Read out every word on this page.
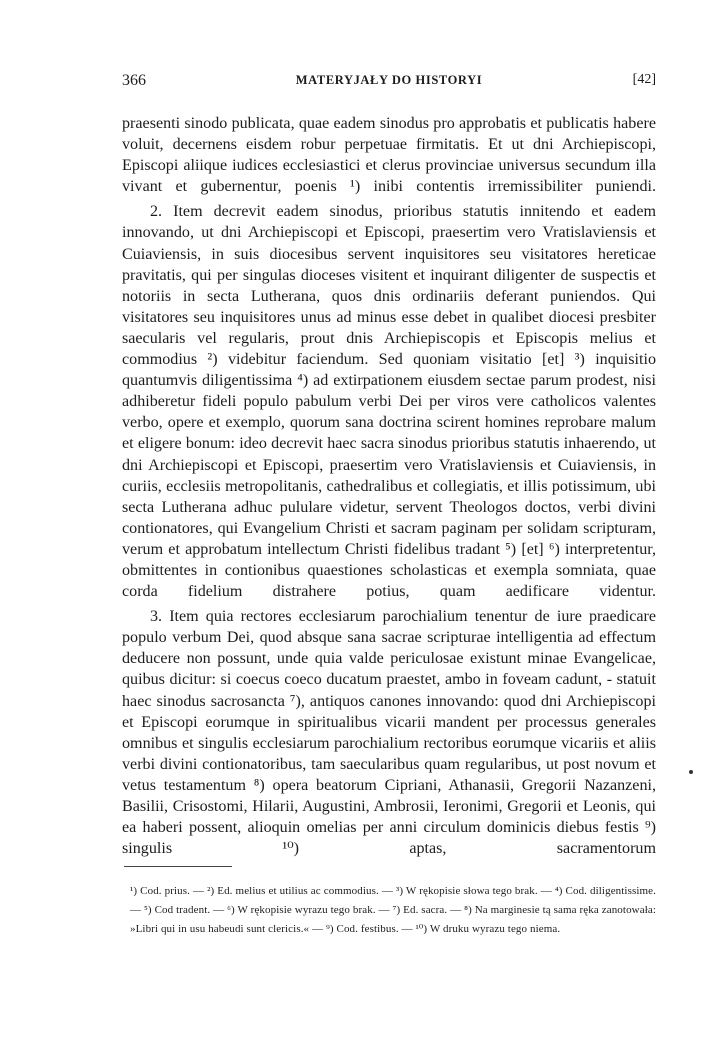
366	MATERYJAŁY DO HISTORYI	[42]

praesenti sinodo publicata, quae eadem sinodus pro approbatis et publicatis habere voluit, decernens eisdem robur perpetuae firmitatis. Et ut dni Archiepiscopi, Episcopi aliique iudices ecclesiastici et clerus provinciae universus secundum illa vivant et gubernentur, poenis ¹) inibi contentis irremissibiliter puniendi.

2. Item decrevit eadem sinodus, prioribus statutis innitendo et eadem innovando, ut dni Archiepiscopi et Episcopi, praesertim vero Vratislaviensis et Cuiaviensis, in suis diocesibus servent inquisitores seu visitatores hereticae pravitatis, qui per singulas dioceses visitent et inquirant diligenter de suspectis et notoriis in secta Lutherana, quos dnis ordinariis deferant puniendos. Qui visitatores seu inquisitores unus ad minus esse debet in qualibet diocesi presbiter saecularis vel regularis, prout dnis Archiepiscopis et Episcopis melius et commodius ²) videbitur faciendum. Sed quoniam visitatio [et] ³) inquisitio quantumvis diligentissima ⁴) ad extirpationem eiusdem sectae parum prodest, nisi adhiberetur fideli populo pabulum verbi Dei per viros vere catholicos valentes verbo, opere et exemplo, quorum sana doctrina scirent homines reprobare malum et eligere bonum: ideo decrevit haec sacra sinodus prioribus statutis inhaerendo, ut dni Archiepiscopi et Episcopi, praesertim vero Vratislaviensis et Cuiaviensis, in curiis, ecclesiis metropolitanis, cathedralibus et collegiatis, et illis potissimum, ubi secta Lutherana adhuc pululare videtur, servent Theologos doctos, verbi divini contionatores, qui Evangelium Christi et sacram paginam per solidam scripturam, verum et approbatum intellectum Christi fidelibus tradant ⁵) [et] ⁶) interpretentur, obmittentes in contionibus quaestiones scholasticas et exempla somniata, quae corda fidelium distrahere potius, quam aedificare videntur.

3. Item quia rectores ecclesiarum parochialium tenentur de iure praedicare populo verbum Dei, quod absque sana sacrae scripturae intelligentia ad effectum deducere non possunt, unde quia valde periculosae existunt minae Evangelicae, quibus dicitur: si coecus coeco ducatum praestet, ambo in foveam cadunt, - statuit haec sinodus sacrosancta ⁷), antiquos canones innovando: quod dni Archiepiscopi et Episcopi eorumque in spiritualibus vicarii mandent per processus generales omnibus et singulis ecclesiarum parochialium rectoribus eorumque vicariis et aliis verbi divini contionatoribus, tam saecularibus quam regularibus, ut post novum et vetus testamentum ⁸) opera beatorum Cipriani, Athanasii, Gregorii Nazanzeni, Basilii, Crisostomi, Hilarii, Augustini, Ambrosii, Ieronimi, Gregorii et Leonis, qui ea haberi possent, alioquin omelias per anni circulum dominicis diebus festis ⁹) singulis ¹⁰) aptas, sacramentorum

¹) Cod. prius. — ²) Ed. melius et utilius ac commodius. — ³) W rękopisie słowa tego brak. — ⁴) Cod. diligentissime. — ⁵) Cod tradent. — ⁶) W rękopisie wyrazu tego brak. — ⁷) Ed. sacra. — ⁸) Na marginesie tą sama ręka zanotowała: »Libri qui in usu habeudi sunt clericis.« — ⁹) Cod. festibus. — ¹⁰) W druku wyrazu tego niema.
